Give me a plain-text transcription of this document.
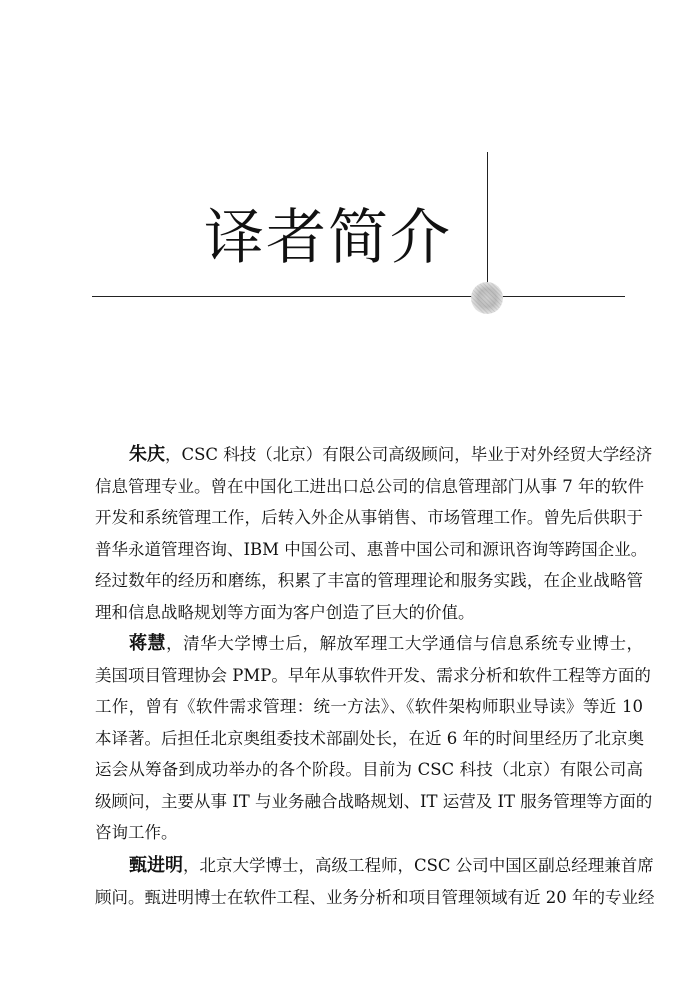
译者简介
朱庆，CSC 科技（北京）有限公司高级顾问，毕业于对外经贸大学经济
信息管理专业。曾在中国化工进出口总公司的信息管理部门从事 7 年的软件
开发和系统管理工作，后转入外企从事销售、市场管理工作。曾先后供职于
普华永道管理咨询、IBM 中国公司、惠普中国公司和源讯咨询等跨国企业。
经过数年的经历和磨练，积累了丰富的管理理论和服务实践，在企业战略管
理和信息战略规划等方面为客户创造了巨大的价值。
蒋慧，清华大学博士后，解放军理工大学通信与信息系统专业博士，
美国项目管理协会 PMP。早年从事软件开发、需求分析和软件工程等方面的
工作，曾有《软件需求管理：统一方法》、《软件架构师职业导读》等近 10
本译著。后担任北京奥组委技术部副处长，在近 6 年的时间里经历了北京奥
运会从筹备到成功举办的各个阶段。目前为 CSC 科技（北京）有限公司高
级顾问，主要从事 IT 与业务融合战略规划、IT 运营及 IT 服务管理等方面的
咨询工作。
甄进明，北京大学博士，高级工程师，CSC 公司中国区副总经理兼首席
顾问。甄进明博士在软件工程、业务分析和项目管理领域有近 20 年的专业经
